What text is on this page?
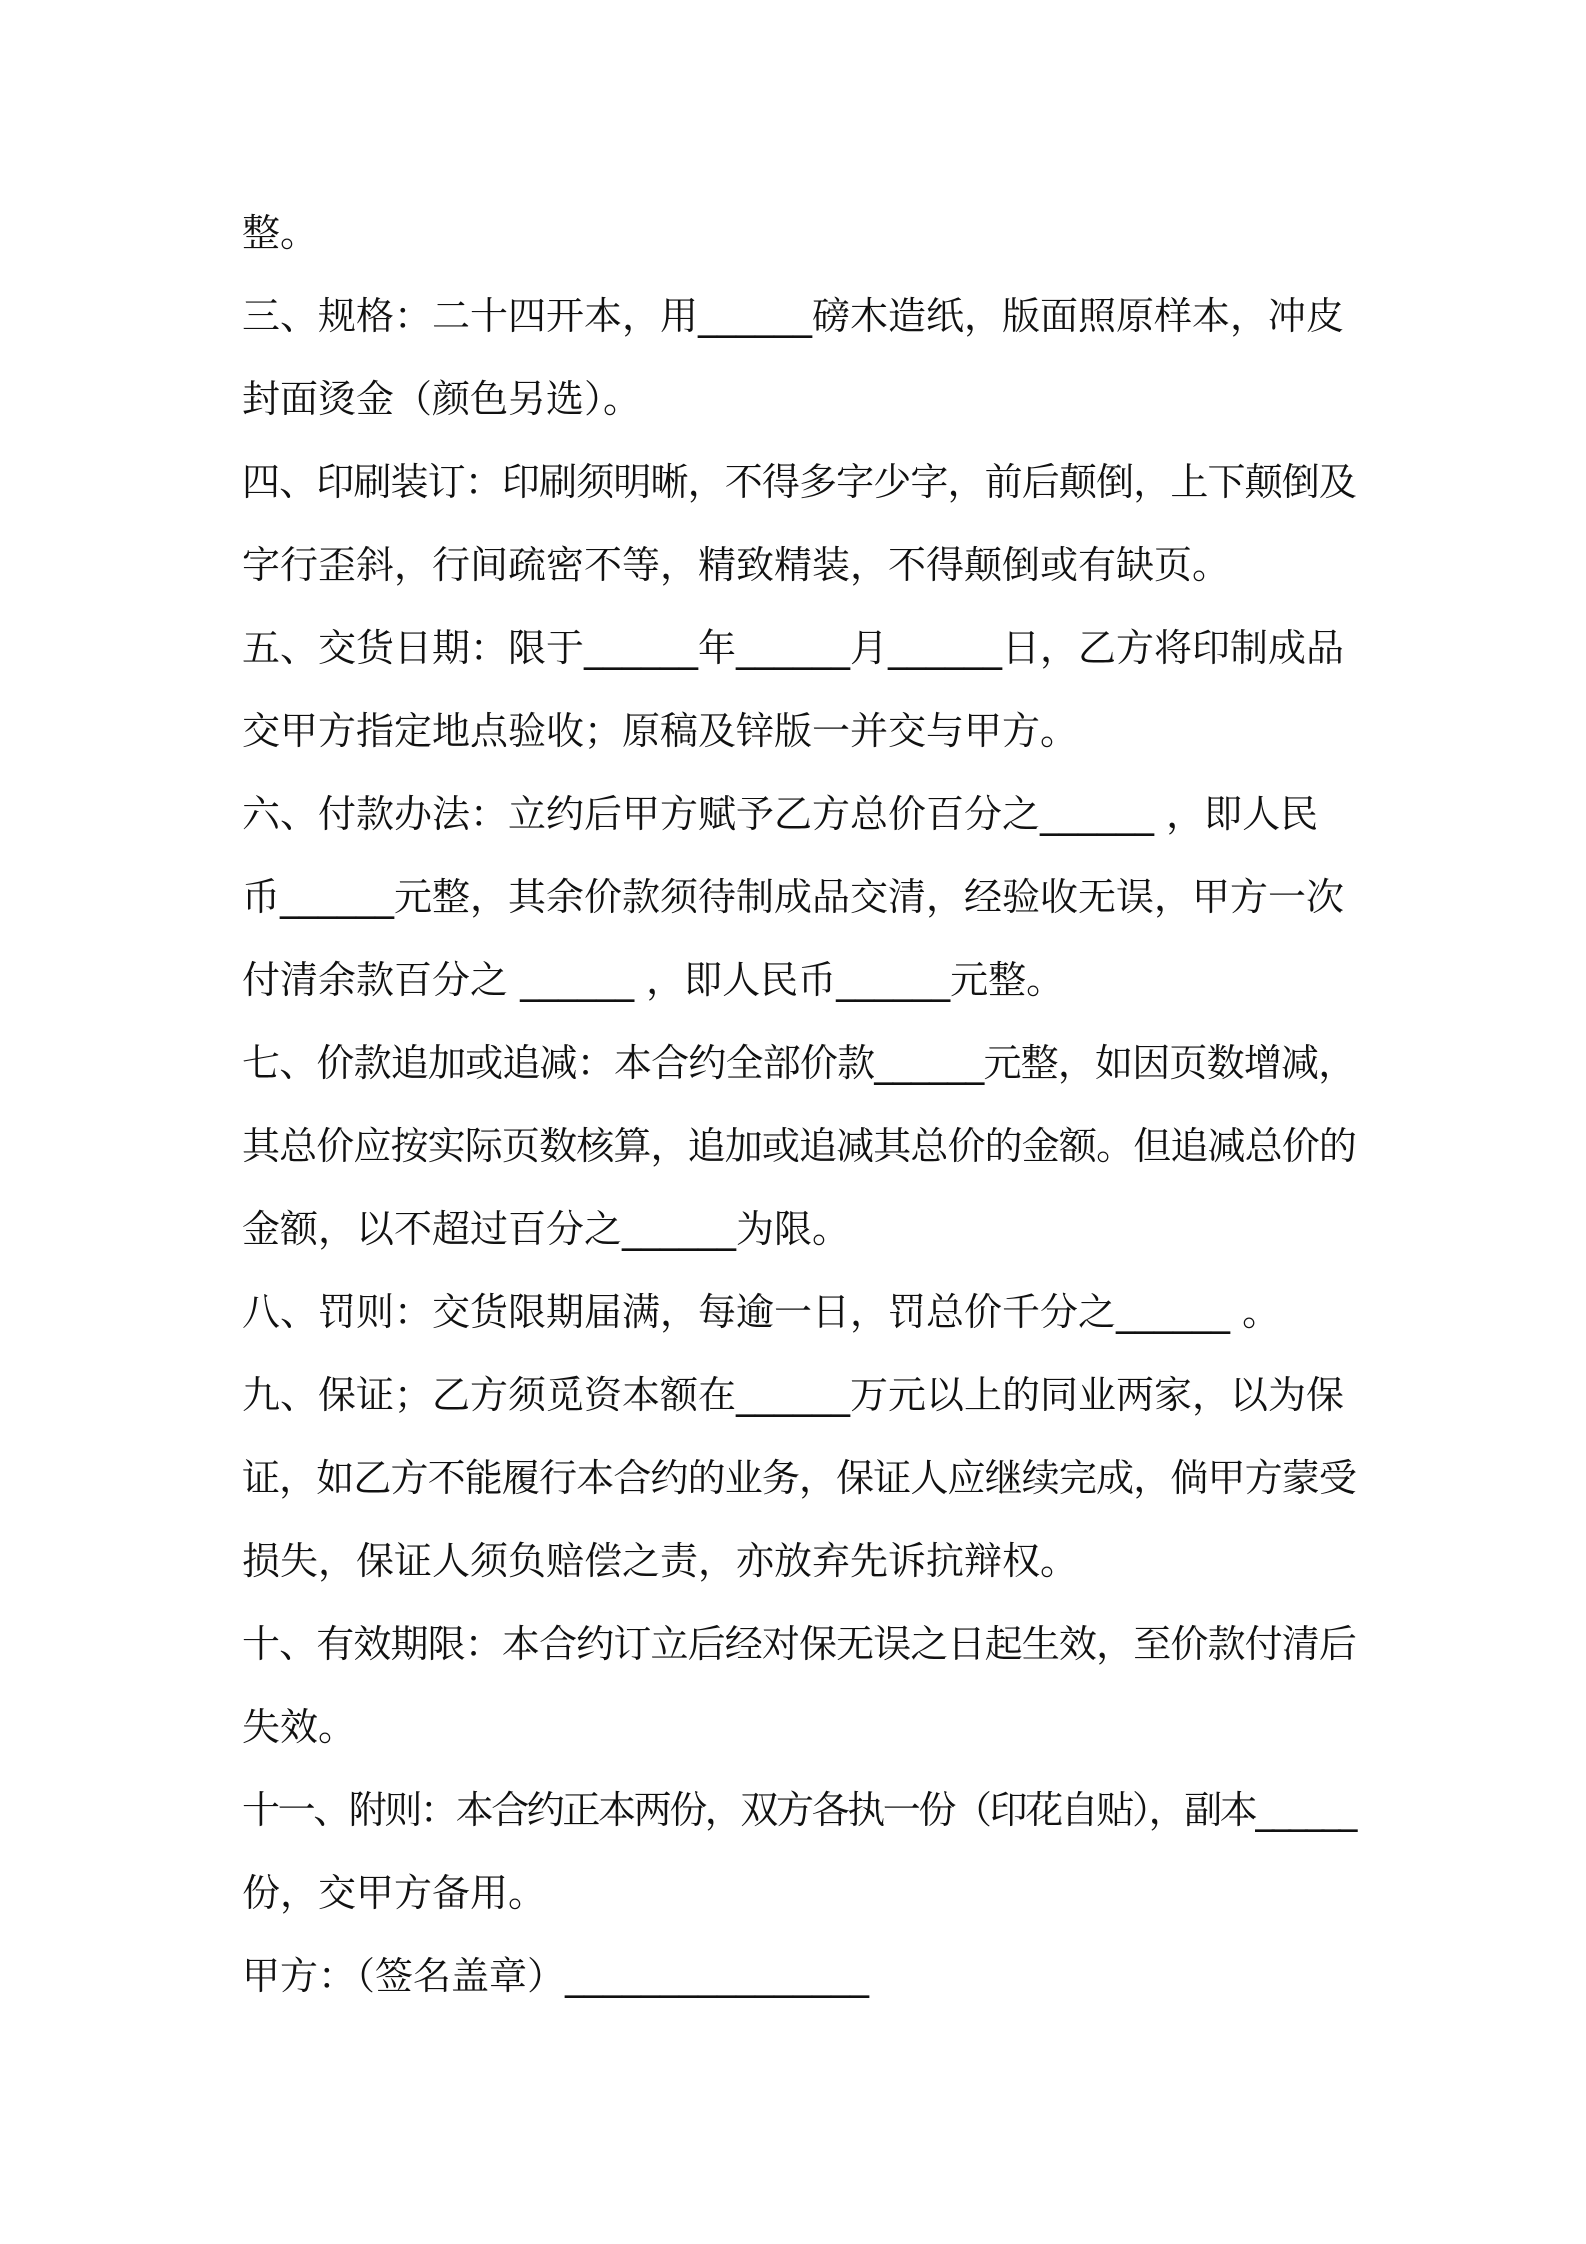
整。
三、规格：二十四开本，用______磅木造纸，版面照原样本，冲皮
封面烫金（颜色另选）。
四、印刷装订：印刷须明晰，不得多字少字，前后颠倒，上下颠倒及
字行歪斜，行间疏密不等，精致精装，不得颠倒或有缺页。
五、交货日期：限于______年______月______日，乙方将印制成品
交甲方指定地点验收；原稿及锌版一并交与甲方。
六、付款办法：立约后甲方赋予乙方总价百分之______ ，即人民
币______元整，其余价款须待制成品交清，经验收无误，甲方一次
付清余款百分之 ______ ，即人民币______元整。
七、价款追加或追减：本合约全部价款______元整，如因页数增减，
其总价应按实际页数核算，追加或追减其总价的金额。但追减总价的
金额，以不超过百分之______为限。
八、罚则：交货限期届满，每逾一日，罚总价千分之______ 。
九、保证；乙方须觅资本额在______万元以上的同业两家，以为保
证，如乙方不能履行本合约的业务，保证人应继续完成，倘甲方蒙受
损失，保证人须负赔偿之责，亦放弃先诉抗辩权。
十、有效期限：本合约订立后经对保无误之日起生效，至价款付清后
失效。
十一、附则：本合约正本两份，双方各执一份（印花自贴），副本______
份，交甲方备用。
甲方：（签名盖章）________________
